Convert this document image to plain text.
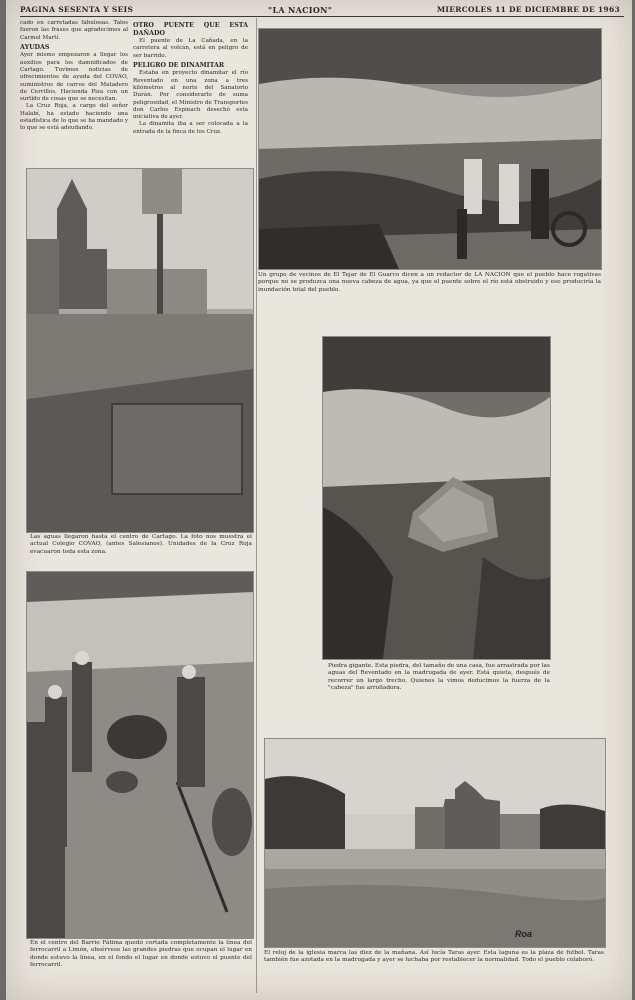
PAGINA SESENTA Y SEIS	"LA NACION"	MIERCOLES 11 DE DICIEMBRE DE 1963

cado en carretadas fabulosas. Tales fueron las frases que agradecimos al Carmel Martí.

AYUDAS

Ayer mismo empezaron a llegar los auxilios para los damnificados de Cartago. Tuvimos noticias de ofrecimientos de ayuda del COVAO, suministros de carros del Matadero de Cerrillos, Hacienda Piza con un surtido de cosas que se necesitan.

La Cruz Roja, a cargo del señor Halabí, ha estado haciendo una estadística de lo que se ha mandado y lo que se está adeudando.

OTRO PUENTE QUE ESTA DAÑADO

El puente de La Cañada, en la carretera al volcán, está en peligro de ser barrido.

PELIGRO DE DINAMITAR

Estaba en proyecto dinamitar el río Reventado en una zona a tres kilómetros al norte del Sanatorio Durán. Por considerarlo de suma peligrosidad, el Ministro de Transportes don Carlos Espinach desechó esta iniciativa de ayer.

La dinamita iba a ser colocada a la entrada de la finca de los Cruz.

Un grupo de vecinos de El Tejar de El Guarco dicen a un redactor de LA NACION que el pueblo hace rogativas porque no se produzca una nueva cabeza de agua, ya que el puente sobre el río está obstruido y eso produciría la inundación total del pueblo.
Las aguas llegaron hasta el centro de Cartago. La foto nos muestra el actual Colegio COVAO, (antes Salesianos). Unidades de la Cruz Roja evacuaron toda esta zona.
Piedra gigante. Esta piedra, del tamaño de una casa, fue arrastrada por las aguas del Reventado en la madrugada de ayer. Está quieta, después de recorrer un largo trecho. Quienes la vimos deducimos la fuerza de la "cabeza" fue arrolladora.
En el centro del Barrio Fátima quedó cortada completamente la línea del ferrocarril a Limón, obsérvese las grandes piedras que ocupan el lugar en donde estuvo la línea, en el fondo el lugar en donde estuvo el puente del ferrocarril.
Roa
El reloj de la iglesia marca las diez de la mañana. Así lucía Taras ayer. Esta laguna es la plaza de futbol. Taras también fue azotada en la madrugada y ayer se luchaba por restablecer la normalidad. Todo el pueblo colaboró.
